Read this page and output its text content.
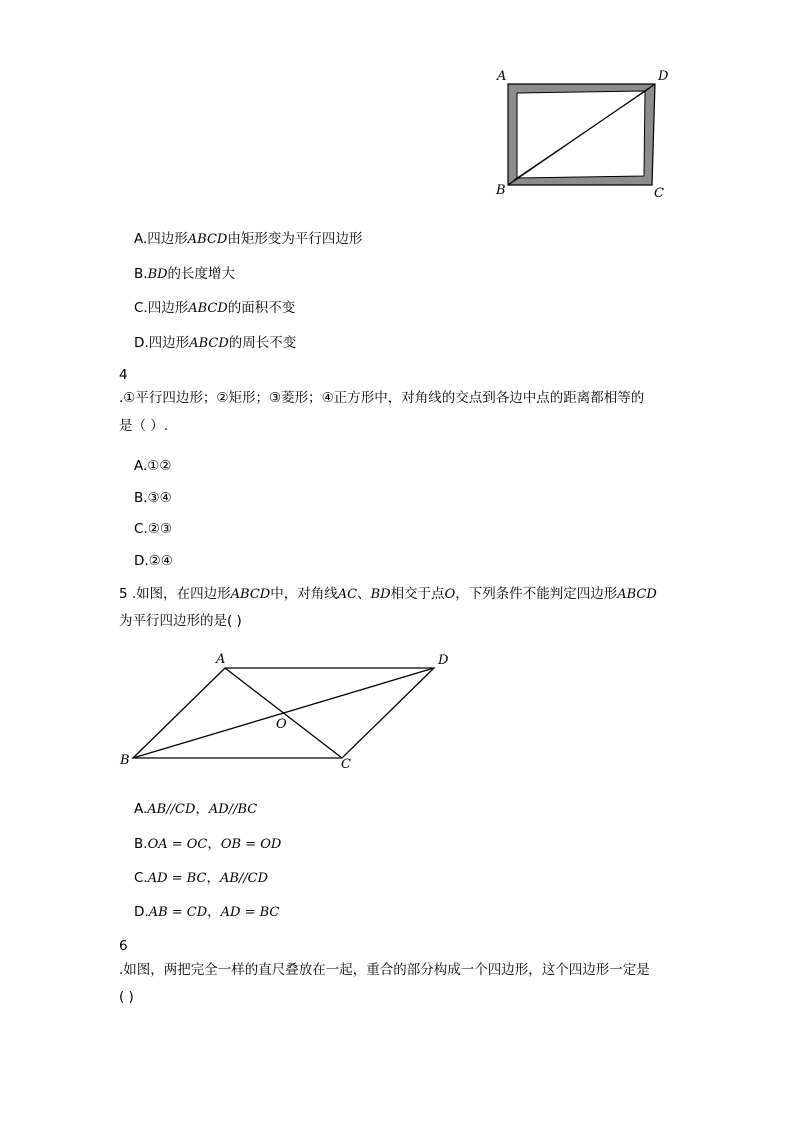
A	D
B	C
A.四边形ABCD由矩形变为平行四边形
B.BD的长度增大
C.四边形ABCD的面积不变
D.四边形ABCD的周长不变
4
.①平行四边形；②矩形；③菱形；④正方形中，对角线的交点到各边中点的距离都相等的
是（ ）.
A.①②
B.③④
C.②③
D.②④
5 .如图，在四边形ABCD中，对角线AC、BD相交于点O，下列条件不能判定四边形ABCD
为平行四边形的是( )
A	D
B	C
O
A.AB//CD，AD//BC
B.OA = OC，OB = OD
C.AD = BC，AB//CD
D.AB = CD，AD = BC
6
.如图，两把完全一样的直尺叠放在一起，重合的部分构成一个四边形，这个四边形一定是
( )
